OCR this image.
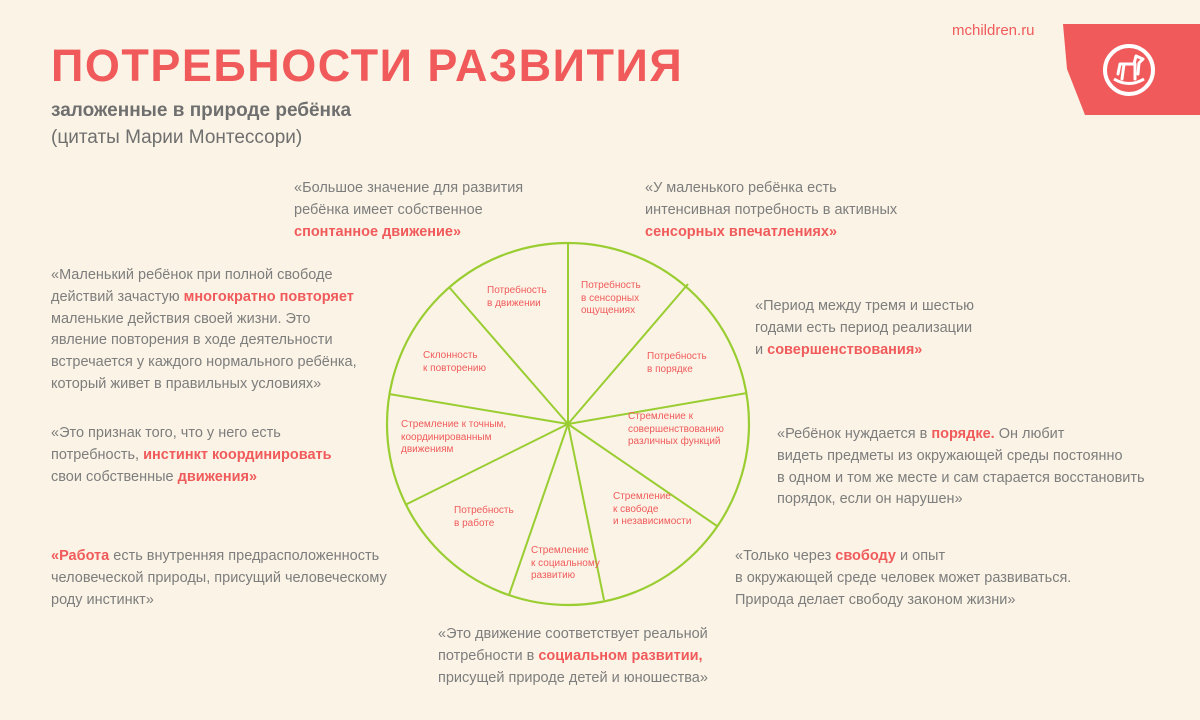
mchildren.ru
ПОТРЕБНОСТИ РАЗВИТИЯ
заложенные в природе ребёнка
(цитаты Марии Монтессори)
«Большое значение для развития
ребёнка имеет собственное
спонтанное движение»
«У маленького ребёнка есть
интенсивная потребность в активных
сенсорных впечатлениях»
«Маленький ребёнок при полной свободе
действий зачастую многократно повторяет
маленькие действия своей жизни. Это
явление повторения в ходе деятельности
встречается у каждого нормального ребёнка,
который живет в правильных условиях»
«Период между тремя и шестью
годами есть период реализации
и совершенствования»
«Это признак того, что у него есть
потребность, инстинкт координировать
свои собственные движения»
«Ребёнок нуждается в порядке. Он любит
видеть предметы из окружающей среды постоянно
в одном и том же месте и сам старается восстановить
порядок, если он нарушен»
«Работа есть внутренняя предрасположенность
человеческой природы, присущий человеческому
роду инстинкт»
«Только через свободу и опыт
в окружающей среде человек может развиваться.
Природа делает свободу законом жизни»
«Это движение соответствует реальной
потребности в социальном развитии,
присущей природе детей и юношества»
Потребность
в движении
Потребность
в сенсорных
ощущениях
Потребность
в порядке
Стремление к
совершенствованию
различных функций
Стремление
к свободе
и независимости
Стремление
к социальному
развитию
Потребность
в работе
Стремление к точным,
координированным
движениям
Склонность
к повторению
